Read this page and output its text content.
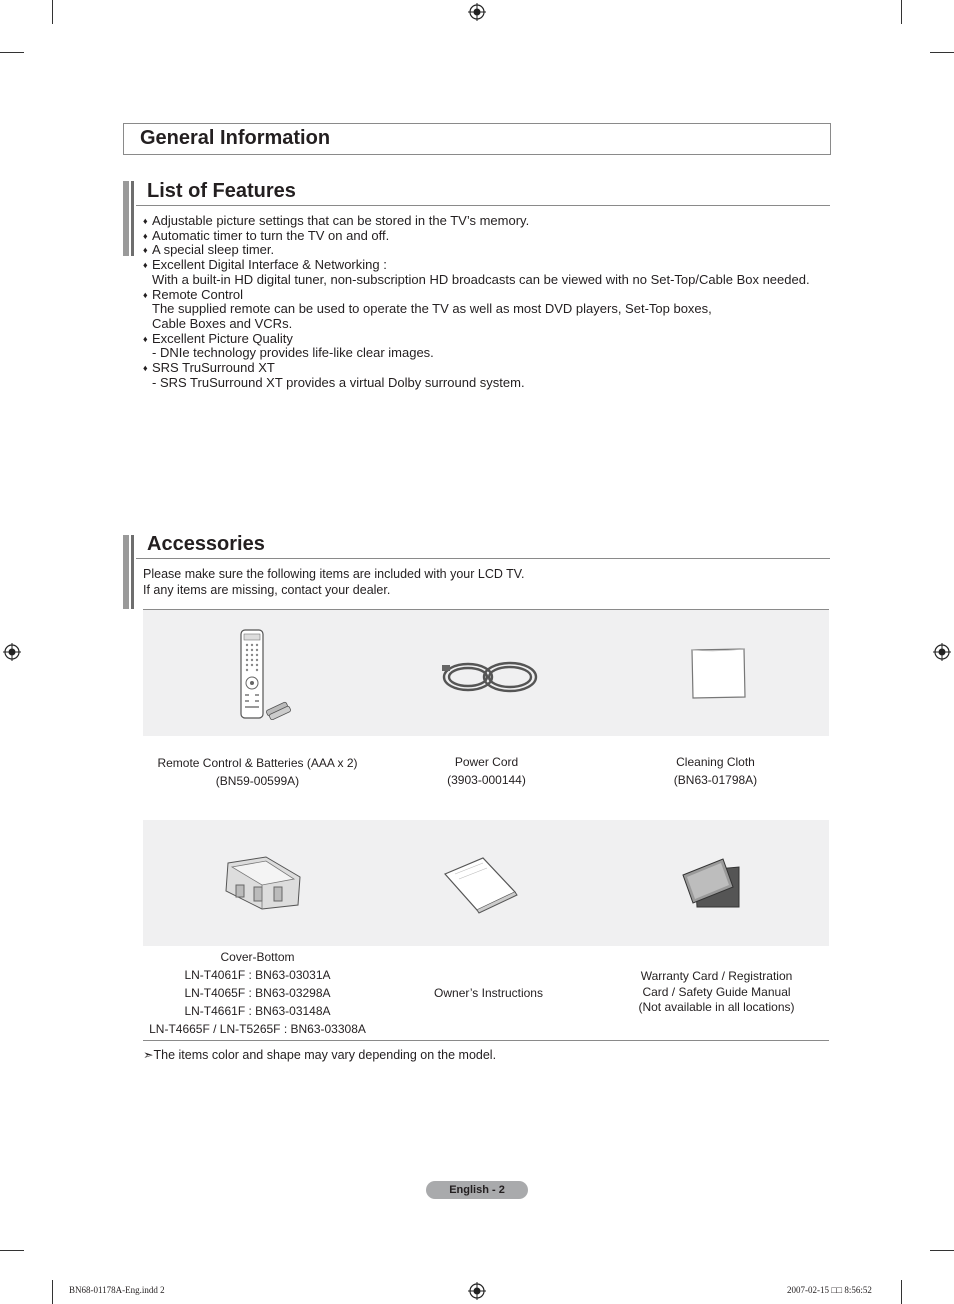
General Information
List of Features
♦ Adjustable picture settings that can be stored in the TV’s memory.
♦ Automatic timer to turn the TV on and off.
♦ A special sleep timer.
♦ Excellent Digital Interface & Networking :
With a built-in HD digital tuner, non-subscription HD broadcasts can be viewed with no Set-Top/Cable Box needed.
♦ Remote Control
The supplied remote can be used to operate the TV as well as most DVD players, Set-Top boxes,
Cable Boxes and VCRs.
♦ Excellent Picture Quality
- DNIe technology provides life-like clear images.
♦ SRS TruSurround XT
- SRS TruSurround XT provides a virtual Dolby surround system.
Accessories
Please make sure the following items are included with your LCD TV.
If any items are missing, contact your dealer.
Remote Control & Batteries (AAA x 2)
(BN59-00599A)
Power Cord
(3903-000144)
Cleaning Cloth
(BN63-01798A)
Cover-Bottom
LN-T4061F : BN63-03031A
LN-T4065F : BN63-03298A
LN-T4661F : BN63-03148A
LN-T4665F / LN-T5265F : BN63-03308A
Owner’s Instructions
Warranty Card / Registration
Card / Safety Guide Manual
(Not available in all locations)
➣The items color and shape may vary depending on the model.
English - 2
BN68-01178A-Eng.indd 2	2007-02-15 □□ 8:56:52
